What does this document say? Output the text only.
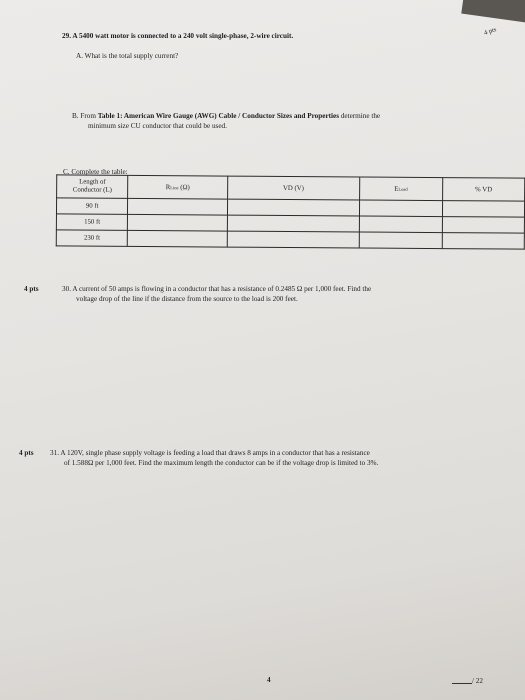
4 pts
29. A 5400 watt motor is connected to a 240 volt single-phase, 2-wire circuit.
A. What is the total supply current?
B. From Table 1: American Wire Gauge (AWG) Cable / Conductor Sizes and Properties determine the
minimum size CU conductor that could be used.
C. Complete the table:
Length of
Conductor (L)	RLine (Ω)	VD (V)	ELoad	% VD
90 ft				
150 ft				
230 ft				
4 pts	30. A current of 50 amps is flowing in a conductor that has a resistance of 0.2485 Ω per 1,000 feet. Find the
voltage drop of the line if the distance from the source to the load is 200 feet.
4 pts 31. A 120V, single phase supply voltage is feeding a load that draws 8 amps in a conductor that has a resistance
of 1.588Ω per 1,000 feet. Find the maximum length the conductor can be if the voltage drop is limited to 3%.
4	/ 22
